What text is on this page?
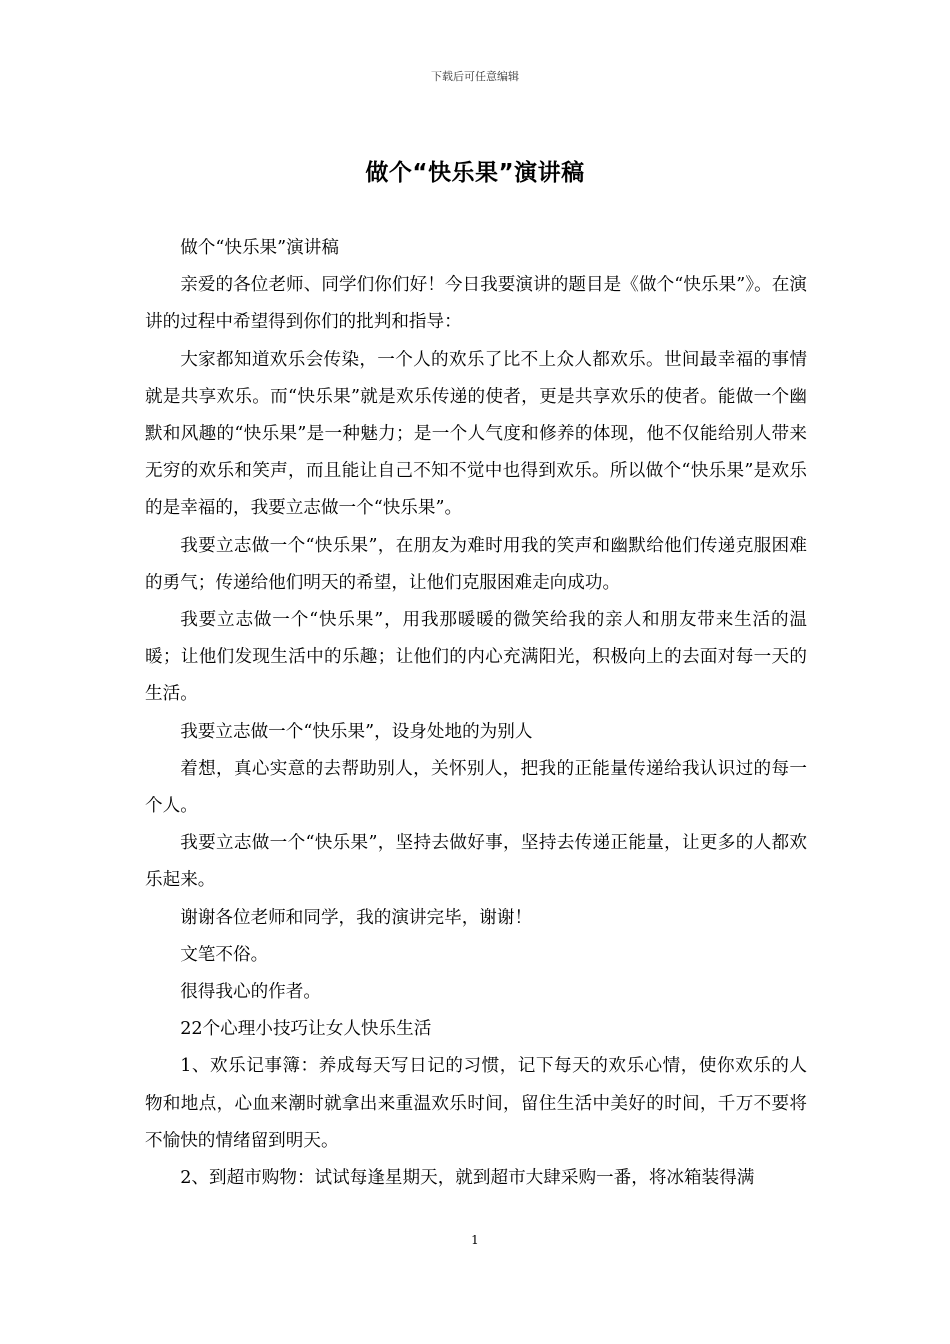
下载后可任意编辑
做个“快乐果”演讲稿

做个“快乐果”演讲稿

亲爱的各位老师、同学们你们好！今日我要演讲的题目是《做个“快乐果”》。在演讲的过程中希望得到你们的批判和指导：

大家都知道欢乐会传染，一个人的欢乐了比不上众人都欢乐。世间最幸福的事情就是共享欢乐。而“快乐果”就是欢乐传递的使者，更是共享欢乐的使者。能做一个幽默和风趣的“快乐果”是一种魅力；是一个人气度和修养的体现，他不仅能给别人带来无穷的欢乐和笑声，而且能让自己不知不觉中也得到欢乐。所以做个“快乐果”是欢乐的是幸福的，我要立志做一个“快乐果”。

我要立志做一个“快乐果”，在朋友为难时用我的笑声和幽默给他们传递克服困难的勇气；传递给他们明天的希望，让他们克服困难走向成功。

我要立志做一个“快乐果”，用我那暖暖的微笑给我的亲人和朋友带来生活的温暖；让他们发现生活中的乐趣；让他们的内心充满阳光，积极向上的去面对每一天的生活。

我要立志做一个“快乐果”，设身处地的为别人

着想，真心实意的去帮助别人，关怀别人，把我的正能量传递给我认识过的每一个人。

我要立志做一个“快乐果”，坚持去做好事，坚持去传递正能量，让更多的人都欢乐起来。

谢谢各位老师和同学，我的演讲完毕，谢谢！

文笔不俗。

很得我心的作者。

22个心理小技巧让女人快乐生活

1、欢乐记事簿：养成每天写日记的习惯，记下每天的欢乐心情，使你欢乐的人物和地点，心血来潮时就拿出来重温欢乐时间，留住生活中美好的时间，千万不要将不愉快的情绪留到明天。

2、到超市购物：试试每逢星期天，就到超市大肆采购一番，将冰箱装得满

1
